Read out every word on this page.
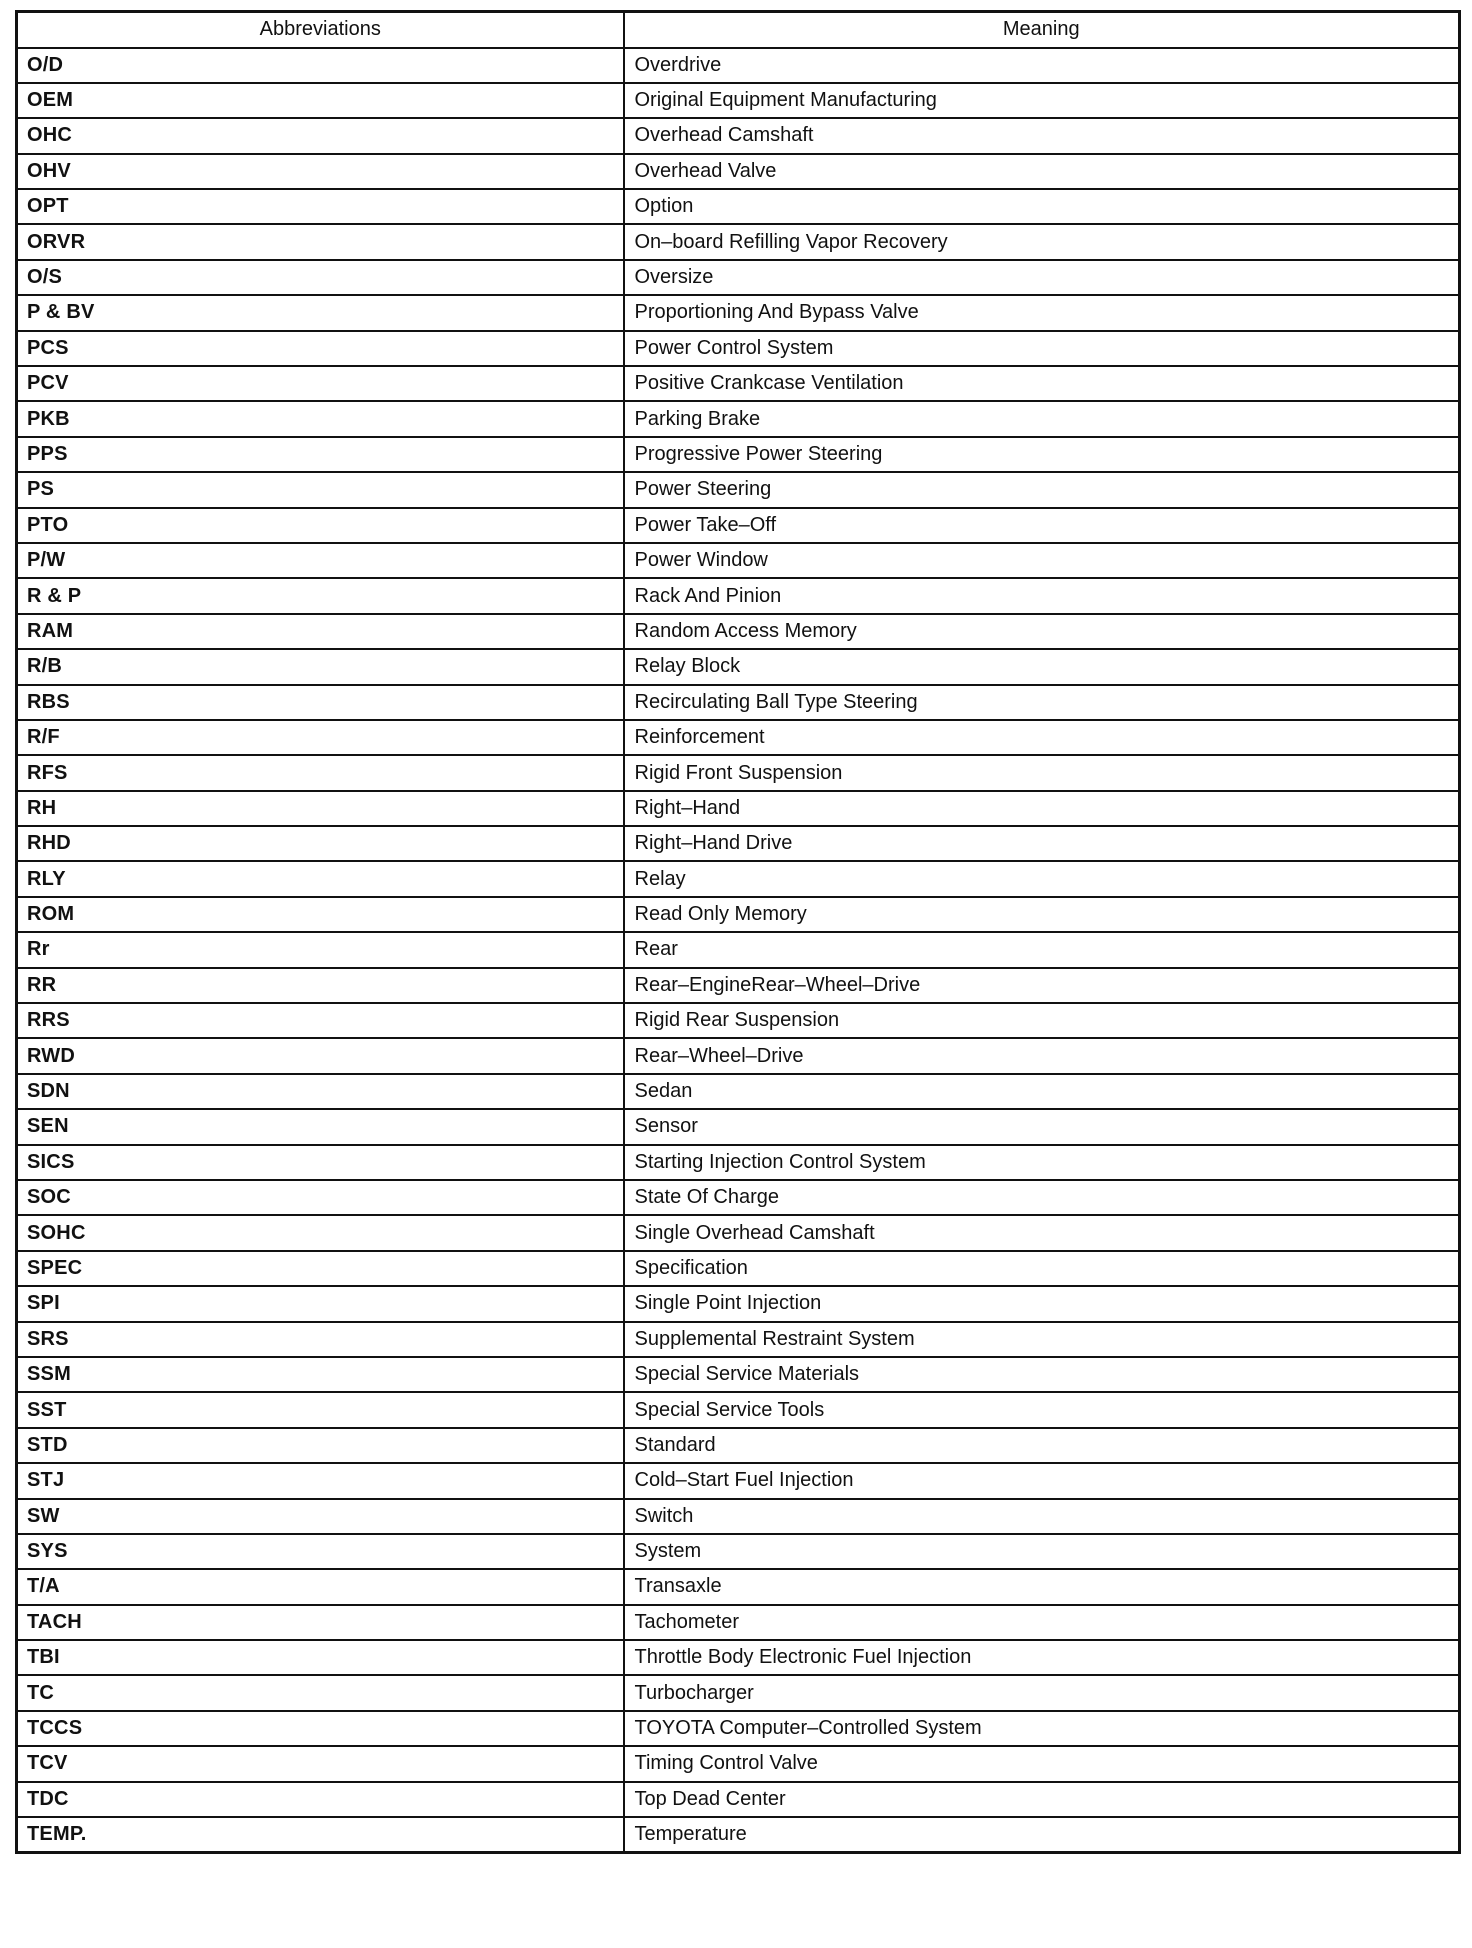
Abbreviations	Meaning
O/D	Overdrive
OEM	Original Equipment Manufacturing
OHC	Overhead Camshaft
OHV	Overhead Valve
OPT	Option
ORVR	On–board Refilling Vapor Recovery
O/S	Oversize
P & BV	Proportioning And Bypass Valve
PCS	Power Control System
PCV	Positive Crankcase Ventilation
PKB	Parking Brake
PPS	Progressive Power Steering
PS	Power Steering
PTO	Power Take–Off
P/W	Power Window
R & P	Rack And Pinion
RAM	Random Access Memory
R/B	Relay Block
RBS	Recirculating Ball Type Steering
R/F	Reinforcement
RFS	Rigid Front Suspension
RH	Right–Hand
RHD	Right–Hand Drive
RLY	Relay
ROM	Read Only Memory
Rr	Rear
RR	Rear–EngineRear–Wheel–Drive
RRS	Rigid Rear Suspension
RWD	Rear–Wheel–Drive
SDN	Sedan
SEN	Sensor
SICS	Starting Injection Control System
SOC	State Of Charge
SOHC	Single Overhead Camshaft
SPEC	Specification
SPI	Single Point Injection
SRS	Supplemental Restraint System
SSM	Special Service Materials
SST	Special Service Tools
STD	Standard
STJ	Cold–Start Fuel Injection
SW	Switch
SYS	System
T/A	Transaxle
TACH	Tachometer
TBI	Throttle Body Electronic Fuel Injection
TC	Turbocharger
TCCS	TOYOTA Computer–Controlled System
TCV	Timing Control Valve
TDC	Top Dead Center
TEMP.	Temperature
